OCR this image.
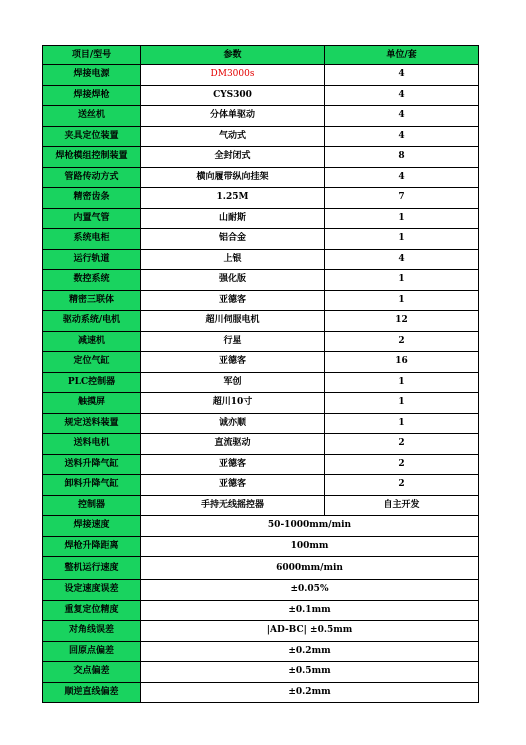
项目/型号	参数	单位/套
焊接电源	DM3000s	4
焊接焊枪	CYS300	4
送丝机	分体单驱动	4
夹具定位装置	气动式	4
焊枪模组控制装置	全封闭式	8
管路传动方式	横向履带纵向挂架	4
精密齿条	1.25M	7
内置气管	山耐斯	1
系统电柜	铝合金	1
运行轨道	上银	4
数控系统	强化版	1
精密三联体	亚德客	1
驱动系统/电机	超川伺服电机	12
减速机	行星	2
定位气缸	亚德客	16
PLC控制器	军创	1
触摸屏	超川10寸	1
规定送料装置	诚亦顺	1
送料电机	直流驱动	2
送料升降气缸	亚德客	2
卸料升降气缸	亚德客	2
控制器	手持无线摇控器	自主开发
焊接速度	50-1000mm/min	
焊枪升降距离	100mm	
整机运行速度	6000mm/min	
设定速度误差	±0.05%	
重复定位精度	±0.1mm	
对角线误差	|AD-BC| ±0.5mm	
回原点偏差	±0.2mm	
交点偏差	±0.5mm	
顺逆直线偏差	±0.2mm	
